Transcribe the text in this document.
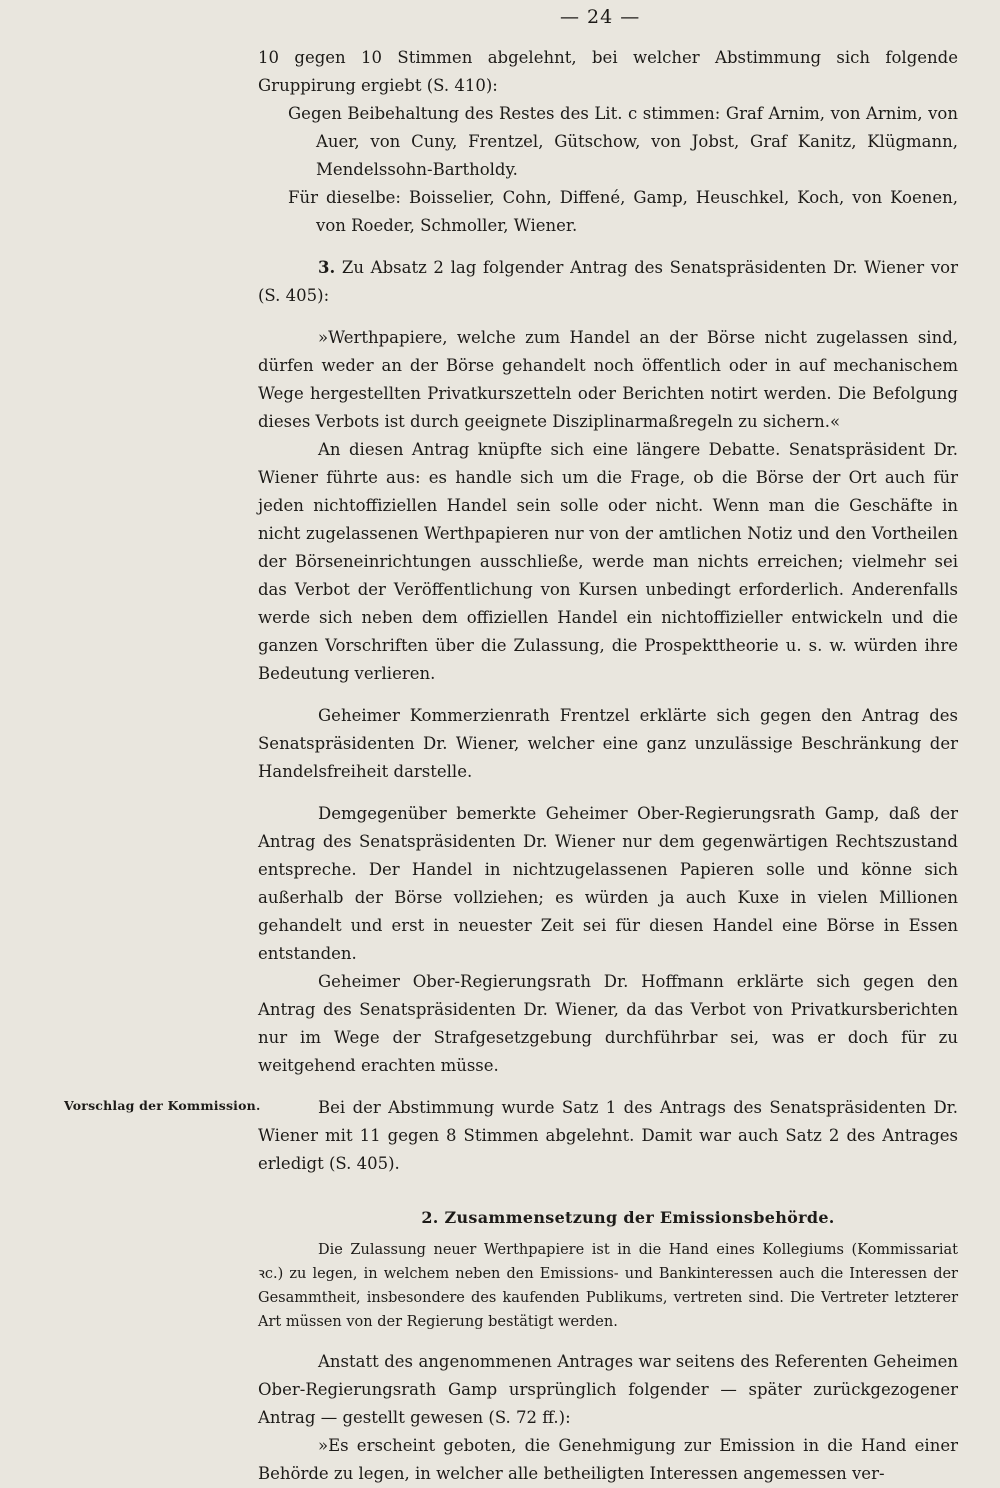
— 24 —
Vorschlag der Kommission.

10 gegen 10 Stimmen abgelehnt, bei welcher Abstimmung sich folgende Gruppirung ergiebt (S. 410):

Gegen Beibehaltung des Restes des Lit. c stimmen: Graf Arnim, von Arnim, von Auer, von Cuny, Frentzel, Gütschow, von Jobst, Graf Kanitz, Klügmann, Mendelssohn-Bartholdy.

Für dieselbe: Boisselier, Cohn, Diffené, Gamp, Heuschkel, Koch, von Koenen, von Roeder, Schmoller, Wiener.

3. Zu Absatz 2 lag folgender Antrag des Senatspräsidenten Dr. Wiener vor (S. 405):

»Werthpapiere, welche zum Handel an der Börse nicht zugelassen sind, dürfen weder an der Börse gehandelt noch öffentlich oder in auf mechanischem Wege hergestellten Privatkurszetteln oder Berichten notirt werden. Die Befolgung dieses Verbots ist durch geeignete Disziplinarmaßregeln zu sichern.«

An diesen Antrag knüpfte sich eine längere Debatte. Senatspräsident Dr. Wiener führte aus: es handle sich um die Frage, ob die Börse der Ort auch für jeden nichtoffiziellen Handel sein solle oder nicht. Wenn man die Geschäfte in nicht zugelassenen Werthpapieren nur von der amtlichen Notiz und den Vortheilen der Börseneinrichtungen ausschließe, werde man nichts erreichen; vielmehr sei das Verbot der Veröffentlichung von Kursen unbedingt erforderlich. Anderenfalls werde sich neben dem offiziellen Handel ein nichtoffizieller entwickeln und die ganzen Vorschriften über die Zulassung, die Prospekttheorie u. s. w. würden ihre Bedeutung verlieren.

Geheimer Kommerzienrath Frentzel erklärte sich gegen den Antrag des Senatspräsidenten Dr. Wiener, welcher eine ganz unzulässige Beschränkung der Handelsfreiheit darstelle.

Demgegenüber bemerkte Geheimer Ober-Regierungsrath Gamp, daß der Antrag des Senatspräsidenten Dr. Wiener nur dem gegenwärtigen Rechtszustand entspreche. Der Handel in nichtzugelassenen Papieren solle und könne sich außerhalb der Börse vollziehen; es würden ja auch Kuxe in vielen Millionen gehandelt und erst in neuester Zeit sei für diesen Handel eine Börse in Essen entstanden.

Geheimer Ober-Regierungsrath Dr. Hoffmann erklärte sich gegen den Antrag des Senatspräsidenten Dr. Wiener, da das Verbot von Privatkursberichten nur im Wege der Strafgesetzgebung durchführbar sei, was er doch für zu weitgehend erachten müsse.

Bei der Abstimmung wurde Satz 1 des Antrags des Senatspräsidenten Dr. Wiener mit 11 gegen 8 Stimmen abgelehnt. Damit war auch Satz 2 des Antrages erledigt (S. 405).

2. Zusammensetzung der Emissionsbehörde.

Die Zulassung neuer Werthpapiere ist in die Hand eines Kollegiums (Kommissariat ꝛc.) zu legen, in welchem neben den Emissions- und Bankinteressen auch die Interessen der Gesammtheit, insbesondere des kaufenden Publikums, vertreten sind. Die Vertreter letzterer Art müssen von der Regierung bestätigt werden.

Anstatt des angenommenen Antrages war seitens des Referenten Geheimen Ober-Regierungsrath Gamp ursprünglich folgender — später zurückgezogener Antrag — gestellt gewesen (S. 72 ff.):

»Es erscheint geboten, die Genehmigung zur Emission in die Hand einer Behörde zu legen, in welcher alle betheiligten Interessen angemessen ver-
